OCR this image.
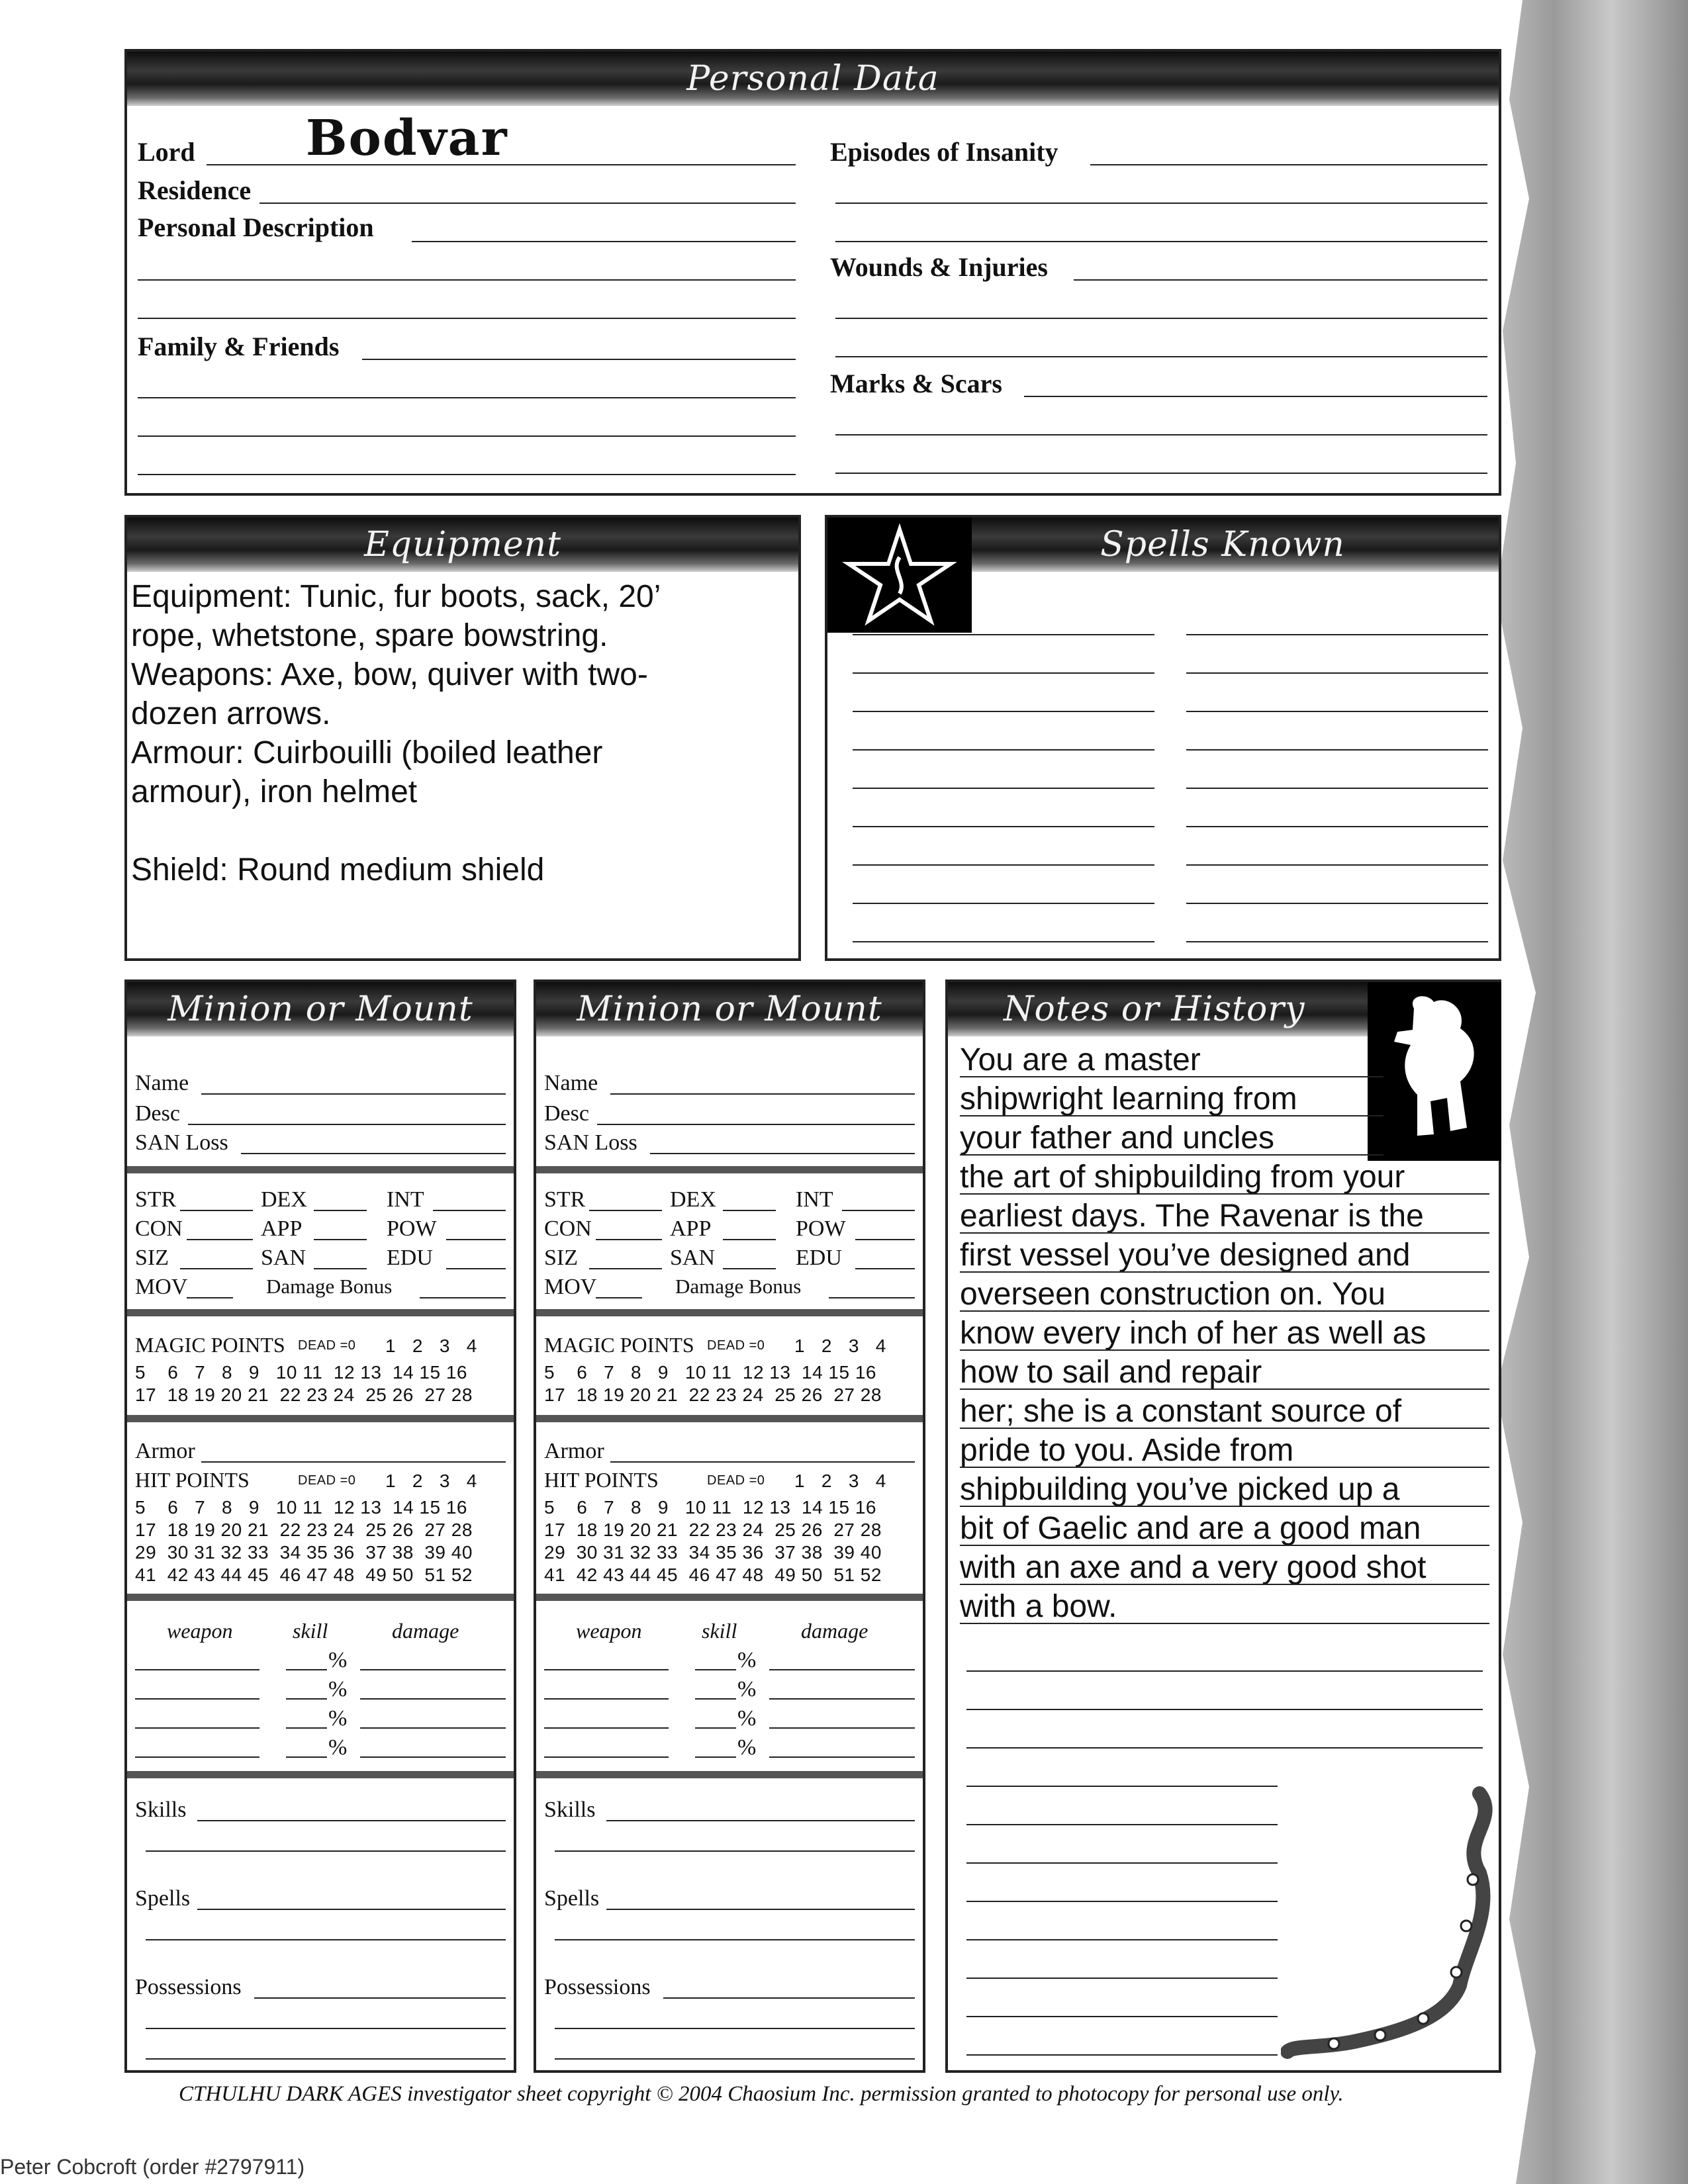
Personal Data
Lord Bodvar
Residence
Personal Description
Family & Friends
Episodes of Insanity
Wounds & Injuries
Marks & Scars
Equipment
Equipment: Tunic, fur boots, sack, 20’
rope, whetstone, spare bowstring.
Weapons: Axe, bow, quiver with two-
dozen arrows.
Armour: Cuirbouilli (boiled leather
armour), iron helmet

Shield: Round medium shield
Spells Known
Minion or Mount
Name
Desc
SAN Loss
STR	DEX	INT
CON	APP	POW
SIZ	SAN	EDU
MOV	Damage Bonus
MAGIC POINTS DEAD =0 1   2   3   4
5    6   7   8   9   10 11  12 13  14 15 16
17  18 19 20 21  22 23 24  25 26  27 28
Armor
HIT POINTS	DEAD =0 1   2   3   4
5    6   7   8   9   10 11  12 13  14 15 16
17  18 19 20 21  22 23 24  25 26  27 28
29  30 31 32 33  34 35 36  37 38  39 40
41  42 43 44 45  46 47 48  49 50  51 52
weapon	skill	damage
%
%
%
%
Skills
Spells
Possessions
Minion or Mount
Name
Desc
SAN Loss
STR	DEX	INT
CON	APP	POW
SIZ	SAN	EDU
MOV	Damage Bonus
MAGIC POINTS DEAD =0 1   2   3   4
5    6   7   8   9   10 11  12 13  14 15 16
17  18 19 20 21  22 23 24  25 26  27 28
Armor
HIT POINTS	DEAD =0 1   2   3   4
5    6   7   8   9   10 11  12 13  14 15 16
17  18 19 20 21  22 23 24  25 26  27 28
29  30 31 32 33  34 35 36  37 38  39 40
41  42 43 44 45  46 47 48  49 50  51 52
weapon	skill	damage
%
%
%
%
Skills
Spells
Possessions
Notes or History
You are a master
shipwright learning from
your father and uncles
the art of shipbuilding from your
earliest days. The Ravenar is the
first vessel you’ve designed and
overseen construction on. You
know every inch of her as well as
how to sail and repair
her; she is a constant source of
pride to you. Aside from
shipbuilding you’ve picked up a
bit of Gaelic and are a good man
with an axe and a very good shot
with a bow.
CTHULHU DARK AGES investigator sheet copyright © 2004 Chaosium Inc. permission granted to photocopy for personal use only.
Peter Cobcroft (order #2797911)
